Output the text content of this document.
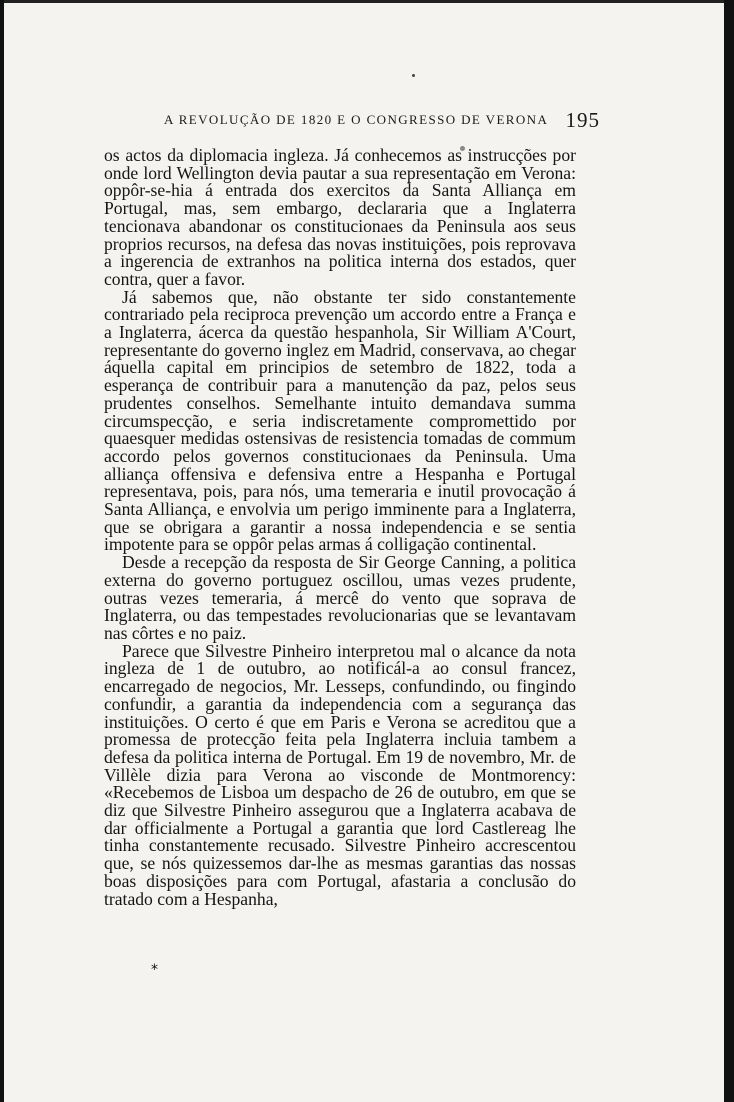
A REVOLUÇÃO DE 1820 E O CONGRESSO DE VERONA 195

os actos da diplomacia ingleza. Já conhecemos as instrucções por onde lord Wellington devia pautar a sua representação em Verona: oppôr-se-hia á entrada dos exercitos da Santa Alliança em Portugal, mas, sem embargo, declararia que a Inglaterra tencionava abandonar os constitucionaes da Peninsula aos seus proprios recursos, na defesa das novas instituições, pois reprovava a ingerencia de extranhos na politica interna dos estados, quer contra, quer a favor.

Já sabemos que, não obstante ter sido constantemente contrariado pela reciproca prevenção um accordo entre a França e a Inglaterra, ácerca da questão hespanhola, Sir William A'Court, representante do governo inglez em Madrid, conservava, ao chegar áquella capital em principios de setembro de 1822, toda a esperança de contribuir para a manutenção da paz, pelos seus prudentes conselhos. Semelhante intuito demandava summa circumspecção, e seria indiscretamente compromettido por quaesquer medidas ostensivas de resistencia tomadas de commum accordo pelos governos constitucionaes da Peninsula. Uma alliança offensiva e defensiva entre a Hespanha e Portugal representava, pois, para nós, uma temeraria e inutil provocação á Santa Alliança, e envolvia um perigo imminente para a Inglaterra, que se obrigara a garantir a nossa independencia e se sentia impotente para se oppôr pelas armas á colligação continental.

Desde a recepção da resposta de Sir George Canning, a politica externa do governo portuguez oscillou, umas vezes prudente, outras vezes temeraria, á mercê do vento que soprava de Inglaterra, ou das tempestades revolucionarias que se levantavam nas côrtes e no paiz.

Parece que Silvestre Pinheiro interpretou mal o alcance da nota ingleza de 1 de outubro, ao notificál-a ao consul francez, encarregado de negocios, Mr. Lesseps, confundindo, ou fingindo confundir, a garantia da independencia com a segurança das instituições. O certo é que em Paris e Verona se acreditou que a promessa de protecção feita pela Inglaterra incluia tambem a defesa da politica interna de Portugal. Em 19 de novembro, Mr. de Villèle dizia para Verona ao visconde de Montmorency: «Recebemos de Lisboa um despacho de 26 de outubro, em que se diz que Silvestre Pinheiro assegurou que a Inglaterra acabava de dar officialmente a Portugal a garantia que lord Castlereag lhe tinha constantemente recusado. Silvestre Pinheiro accrescentou que, se nós quizessemos dar-lhe as mesmas garantias das nossas boas disposições para com Portugal, afastaria a conclusão do tratado com a Hespanha,

*
